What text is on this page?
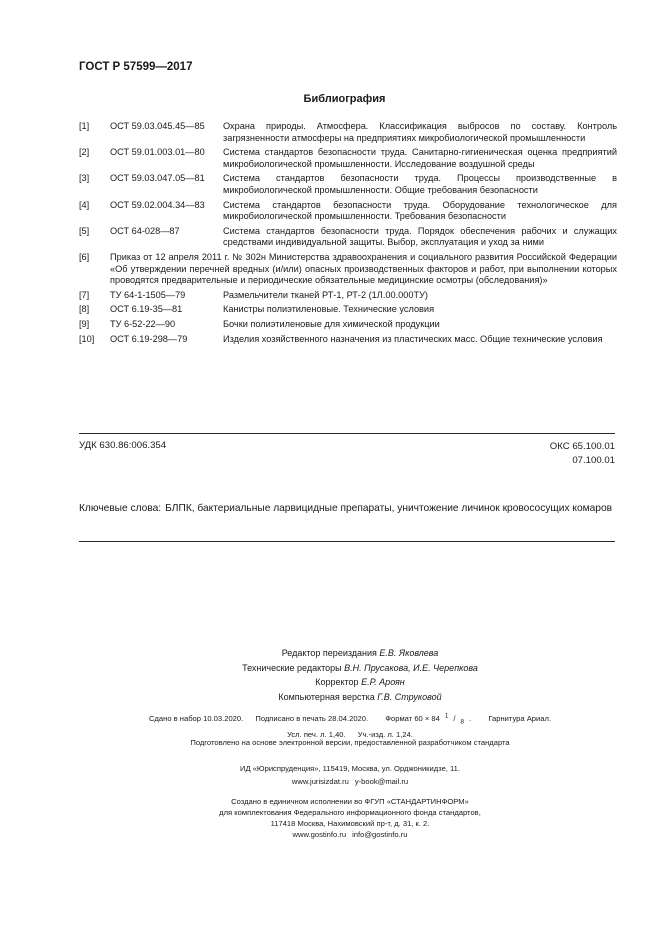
ГОСТ Р 57599—2017
Библиография
[1] ОСТ 59.03.045.45—85 Охрана природы. Атмосфера. Классификация выбросов по составу. Контроль загрязненности атмосферы на предприятиях микробиологической промышленности
[2] ОСТ 59.01.003.01—80 Система стандартов безопасности труда. Санитарно-гигиеническая оценка предприятий микробиологической промышленности. Исследование воздушной среды
[3] ОСТ 59.03.047.05—81 Система стандартов безопасности труда. Процессы производственные в микробиологической промышленности. Общие требования безопасности
[4] ОСТ 59.02.004.34—83 Система стандартов безопасности труда. Оборудование технологическое для микробиологической промышленности. Требования безопасности
[5] ОСТ 64-028—87	Система стандартов безопасности труда. Порядок обеспечения рабочих и служащих средствами индивидуальной защиты. Выбор, эксплуатация и уход за ними
[6] Приказ от 12 апреля 2011 г. № 302н Министерства здравоохранения и социального развития Российской Федерации «Об утверждении перечней вредных (и/или) опасных производственных факторов и работ, при выполнении которых проводятся предварительные и периодические обязательные медицинские осмотры (обследования)»
[7] ТУ 64-1-1505—79	Размельчители тканей РТ-1, РТ-2 (1Л.00.000ТУ)
[8] ОСТ 6.19-35—81	Канистры полиэтиленовые. Технические условия
[9] ТУ 6-52-22—90	Бочки полиэтиленовые для химической продукции
[10] ОСТ 6.19-298—79	Изделия хозяйственного назначения из пластических масс. Общие технические условия
УДК 630.86:006.354	ОКС 65.100.01
07.100.01
Ключевые слова: БЛПК, бактериальные ларвицидные препараты, уничтожение личинок кровососущих комаров
Редактор переиздания Е.В. Яковлева
Технические редакторы В.Н. Прусакова, И.Е. Черепкова
Корректор Е.Р. Ароян
Компьютерная верстка Г.В. Струковой
Сдано в набор 10.03.2020. Подписано в печать 28.04.2020. Формат 60 × 84 $^1$ / $_8$ . Гарнитура Ариал.
Усл. печ. л. 1,40. Уч.-изд. л. 1,24.
Подготовлено на основе электронной версии, предоставленной разработчиком стандарта
ИД «Юриспруденция», 115419, Москва, ул. Орджоникидзе, 11.
www.jurisizdat.ru y-book@mail.ru
Создано в единичном исполнении во ФГУП «СТАНДАРТИНФОРМ»
для комплектования Федерального информационного фонда стандартов,
117418 Москва, Нахимовский пр-т, д. 31, к. 2.
www.gostinfo.ru info@gostinfo.ru
